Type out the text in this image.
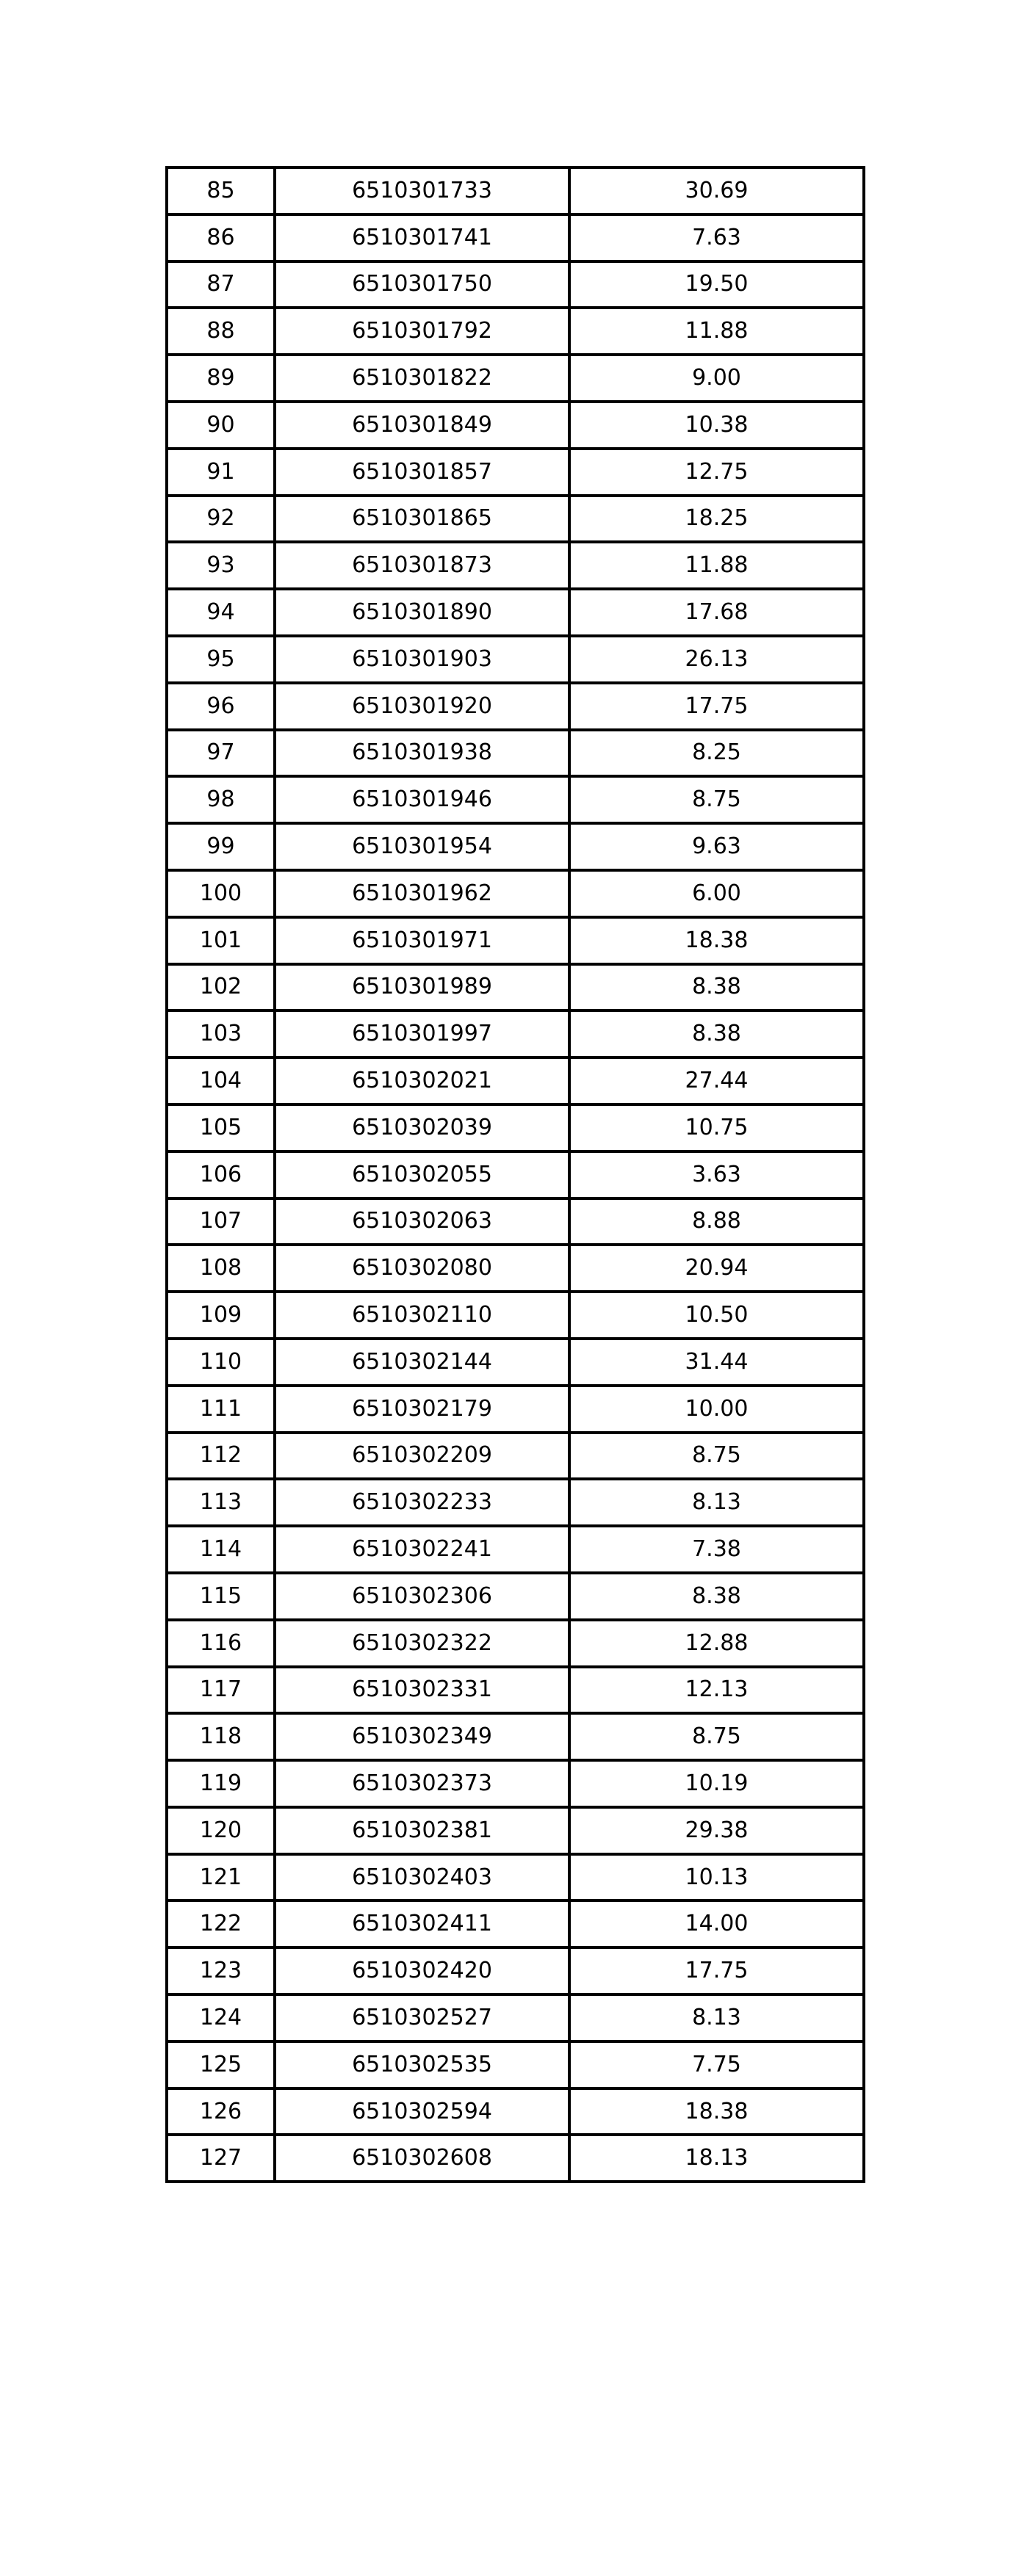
85	6510301733	30.69
86	6510301741	7.63
87	6510301750	19.50
88	6510301792	11.88
89	6510301822	9.00
90	6510301849	10.38
91	6510301857	12.75
92	6510301865	18.25
93	6510301873	11.88
94	6510301890	17.68
95	6510301903	26.13
96	6510301920	17.75
97	6510301938	8.25
98	6510301946	8.75
99	6510301954	9.63
100	6510301962	6.00
101	6510301971	18.38
102	6510301989	8.38
103	6510301997	8.38
104	6510302021	27.44
105	6510302039	10.75
106	6510302055	3.63
107	6510302063	8.88
108	6510302080	20.94
109	6510302110	10.50
110	6510302144	31.44
111	6510302179	10.00
112	6510302209	8.75
113	6510302233	8.13
114	6510302241	7.38
115	6510302306	8.38
116	6510302322	12.88
117	6510302331	12.13
118	6510302349	8.75
119	6510302373	10.19
120	6510302381	29.38
121	6510302403	10.13
122	6510302411	14.00
123	6510302420	17.75
124	6510302527	8.13
125	6510302535	7.75
126	6510302594	18.38
127	6510302608	18.13
